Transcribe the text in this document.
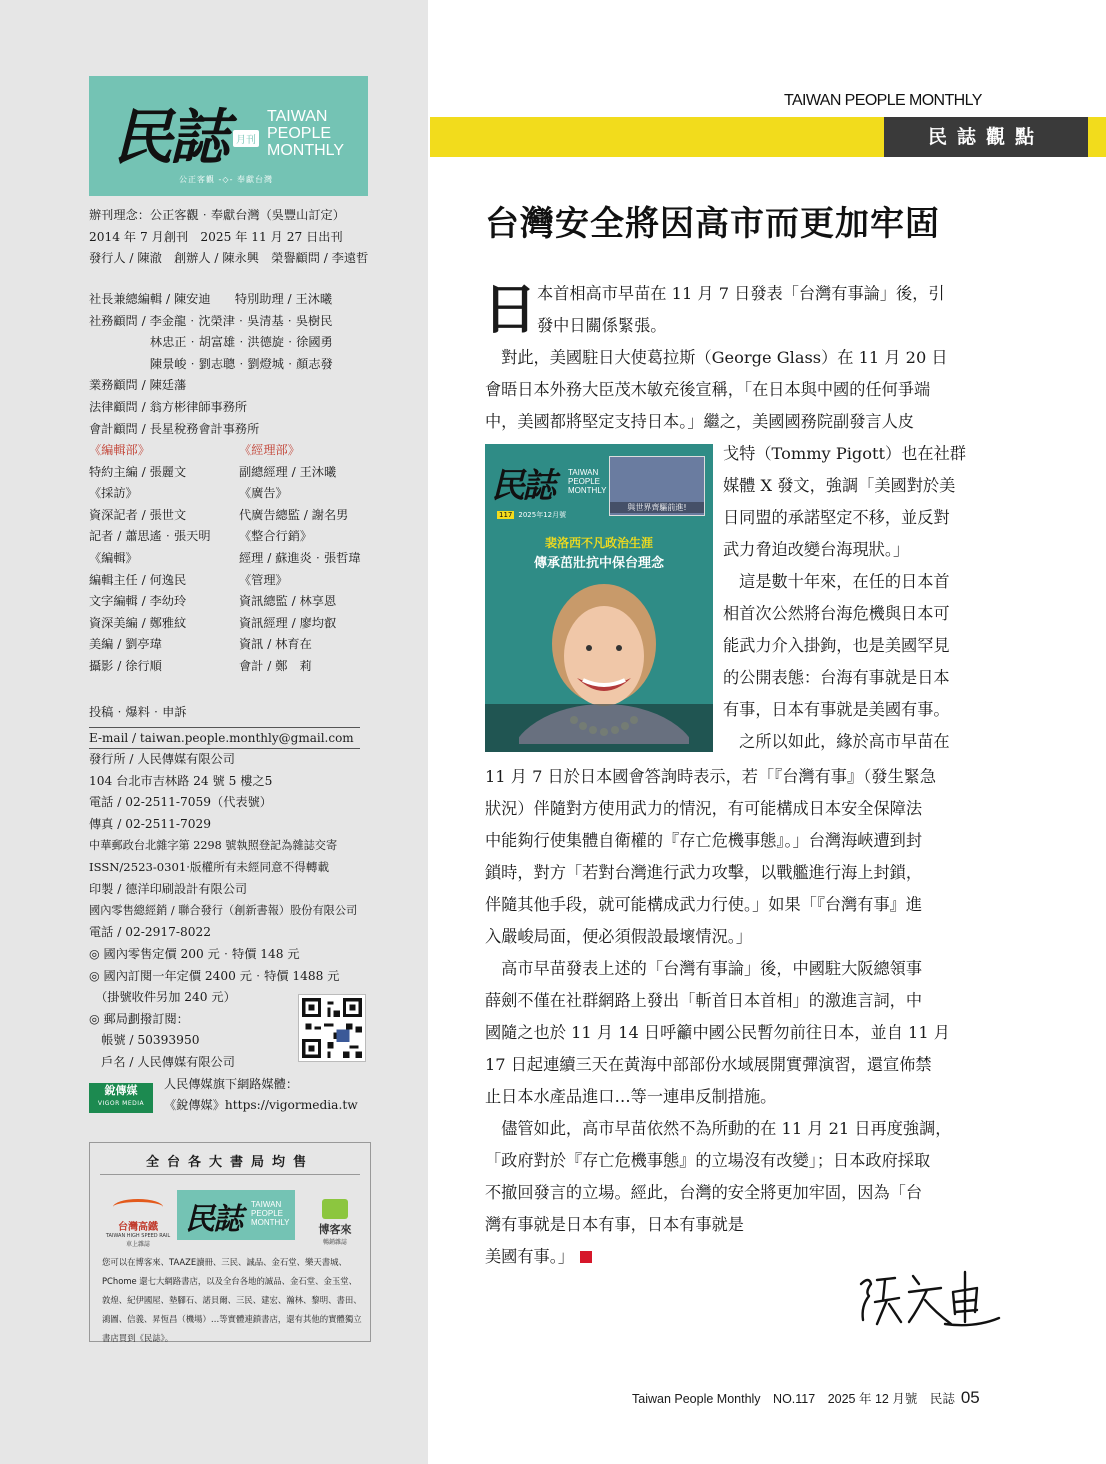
民誌	月刊
TAIWAN
PEOPLE
MONTHLY
公正客觀 -◇- 奉獻台灣
辦刊理念：公正客觀‧奉獻台灣（吳豐山訂定）
2014 年 7 月創刊　2025 年 11 月 27 日出刊
發行人 / 陳澈　創辦人 / 陳永興　榮譽顧問 / 李遠哲
社長兼總編輯 / 陳安迪　　特別助理 / 王沐曦
社務顧問 / 李金龍‧沈榮津‧吳清基‧吳樹民
　　　　　林忠正‧胡富雄‧洪德旋‧徐國勇
　　　　　陳景峻‧劉志聰‧劉燈城‧顏志發
業務顧問 / 陳廷藩
法律顧問 / 翁方彬律師事務所
會計顧問 / 長星稅務會計事務所
《編輯部》
特約主編 / 張麗文
《採訪》
資深記者 / 張世文
記者 / 蕭思遙‧張天明
《編輯》
編輯主任 / 何逸民
文字編輯 / 李幼玲
資深美編 / 鄭雅紋
美編 / 劉亭瑋
攝影 / 徐行順
《經理部》
副總經理 / 王沐曦
《廣告》
代廣告總監 / 謝名男
《整合行銷》
經理 / 蘇進炎‧張哲瑋
《管理》
資訊總監 / 林享恩
資訊經理 / 廖均叡
資訊 / 林育在
會計 / 鄭　莉
投稿‧爆料‧申訴
E-mail / taiwan.people.monthly@gmail.com
發行所 / 人民傳媒有限公司
104 台北市吉林路 24 號 5 樓之5
電話 / 02-2511-7059（代表號）
傳真 / 02-2511-7029
中華郵政台北雜字第 2298 號執照登記為雜誌交寄
ISSN/2523-0301‧版權所有未經同意不得轉載
印製 / 德洋印刷設計有限公司
國內零售總經銷 / 聯合發行（創新書報）股份有限公司
電話 / 02-2917-8022
◎ 國內零售定價 200 元‧特價 148 元
◎ 國內訂閱一年定價 2400 元‧特價 1488 元
　（掛號收件另加 240 元）
◎ 郵局劃撥訂閱：
　帳號 / 50393950
　戶名 / 人民傳媒有限公司
銳傳媒
VIGOR MEDIA
人民傳媒旗下網路媒體：
《銳傳媒》https://vigormedia.tw
全台各大書局均售
台灣高鐵
TAIWAN HIGH SPEED RAIL
車上雜誌
民誌 TAIWAN PEOPLE MONTHLY
博客來
暢銷雜誌
您可以在博客來、TAAZE讀冊、三民、誠品、金石堂、樂天書城、PChome 還七大網路書店，以及全台各地的誠品、金石堂、金玉堂、敦煌、紀伊國屋、墊腳石、諾貝爾、三民、建宏、瀚林、黎明、書田、鴻圖、信義、昇恆昌（機場）…等實體連鎖書店，還有其他的實體獨立書店買到《民誌》。
TAIWAN PEOPLE MONTHLY
民誌觀點
台灣安全將因高市而更加牢固
日 本首相高市早苗在 11 月 7 日發表「台灣有事論」後，引
發中日關係緊張。
　對此，美國駐日大使葛拉斯（George Glass）在 11 月 20 日
會晤日本外務大臣茂木敏充後宣稱，「在日本與中國的任何爭端
中，美國都將堅定支持日本。」繼之，美國國務院副發言人皮
民誌 TAIWAN PEOPLE MONTHLY
117 2025年12月號
與世界齊驅前進!
裴洛西不凡政治生涯
傳承茁壯抗中保台理念
戈特（Tommy Pigott）也在社群
媒體 X 發文，強調「美國對於美
日同盟的承諾堅定不移，並反對
武力脅迫改變台海現狀。」
　這是數十年來，在任的日本首
相首次公然將台海危機與日本可
能武力介入掛鉤，也是美國罕見
的公開表態：台海有事就是日本
有事，日本有事就是美國有事。
　之所以如此，緣於高市早苗在
11 月 7 日於日本國會答詢時表示，若「『台灣有事』（發生緊急
狀況）伴隨對方使用武力的情況，有可能構成日本安全保障法
中能夠行使集體自衛權的『存亡危機事態』。」台灣海峽遭到封
鎖時，對方「若對台灣進行武力攻擊，以戰艦進行海上封鎖，
伴隨其他手段，就可能構成武力行使。」如果「『台灣有事』進
入嚴峻局面，便必須假設最壞情況。」
　高市早苗發表上述的「台灣有事論」後，中國駐大阪總領事
薛劍不僅在社群網路上發出「斬首日本首相」的激進言詞，中
國隨之也於 11 月 14 日呼籲中國公民暫勿前往日本，並自 11 月
17 日起連續三天在黃海中部部份水域展開實彈演習，還宣佈禁
止日本水產品進口…等一連串反制措施。
　儘管如此，高市早苗依然不為所動的在 11 月 21 日再度強調，
「政府對於『存亡危機事態』的立場沒有改變」；日本政府採取
不撤回發言的立場。經此，台灣的安全將更加牢固，因為「台
灣有事就是日本有事，日本有事就是
美國有事。」
Taiwan People Monthly　NO.117　2025 年 12 月號　民誌 05
